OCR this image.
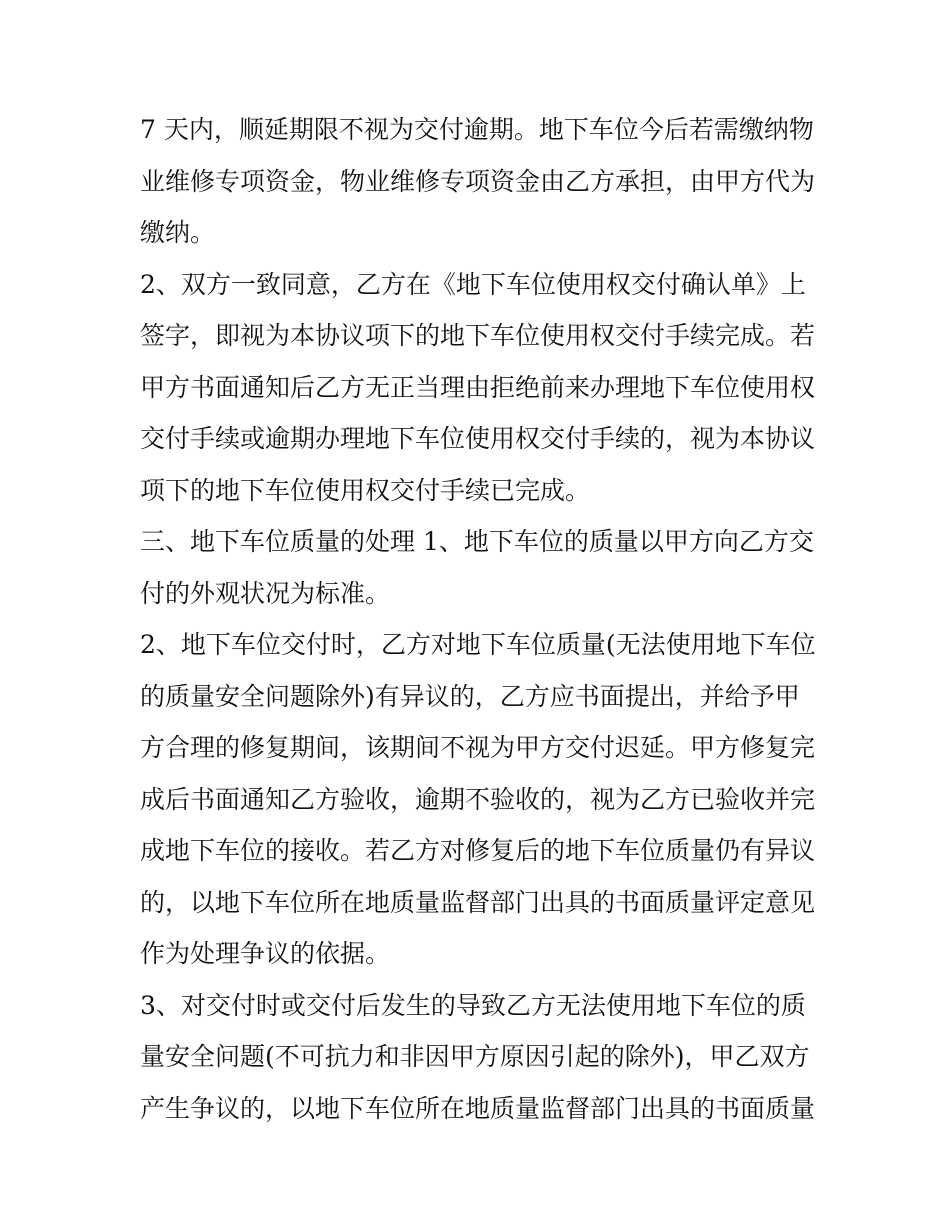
7 天内，顺延期限不视为交付逾期。地下车位今后若需缴纳物
业维修专项资金，物业维修专项资金由乙方承担，由甲方代为
缴纳。
2、双方一致同意，乙方在《地下车位使用权交付确认单》上
签字，即视为本协议项下的地下车位使用权交付手续完成。若
甲方书面通知后乙方无正当理由拒绝前来办理地下车位使用权
交付手续或逾期办理地下车位使用权交付手续的，视为本协议
项下的地下车位使用权交付手续已完成。
三、地下车位质量的处理 1、地下车位的质量以甲方向乙方交
付的外观状况为标准。
2、地下车位交付时，乙方对地下车位质量(无法使用地下车位
的质量安全问题除外)有异议的，乙方应书面提出，并给予甲
方合理的修复期间，该期间不视为甲方交付迟延。甲方修复完
成后书面通知乙方验收，逾期不验收的，视为乙方已验收并完
成地下车位的接收。若乙方对修复后的地下车位质量仍有异议
的，以地下车位所在地质量监督部门出具的书面质量评定意见
作为处理争议的依据。
3、对交付时或交付后发生的导致乙方无法使用地下车位的质
量安全问题(不可抗力和非因甲方原因引起的除外)，甲乙双方
产生争议的，以地下车位所在地质量监督部门出具的书面质量
